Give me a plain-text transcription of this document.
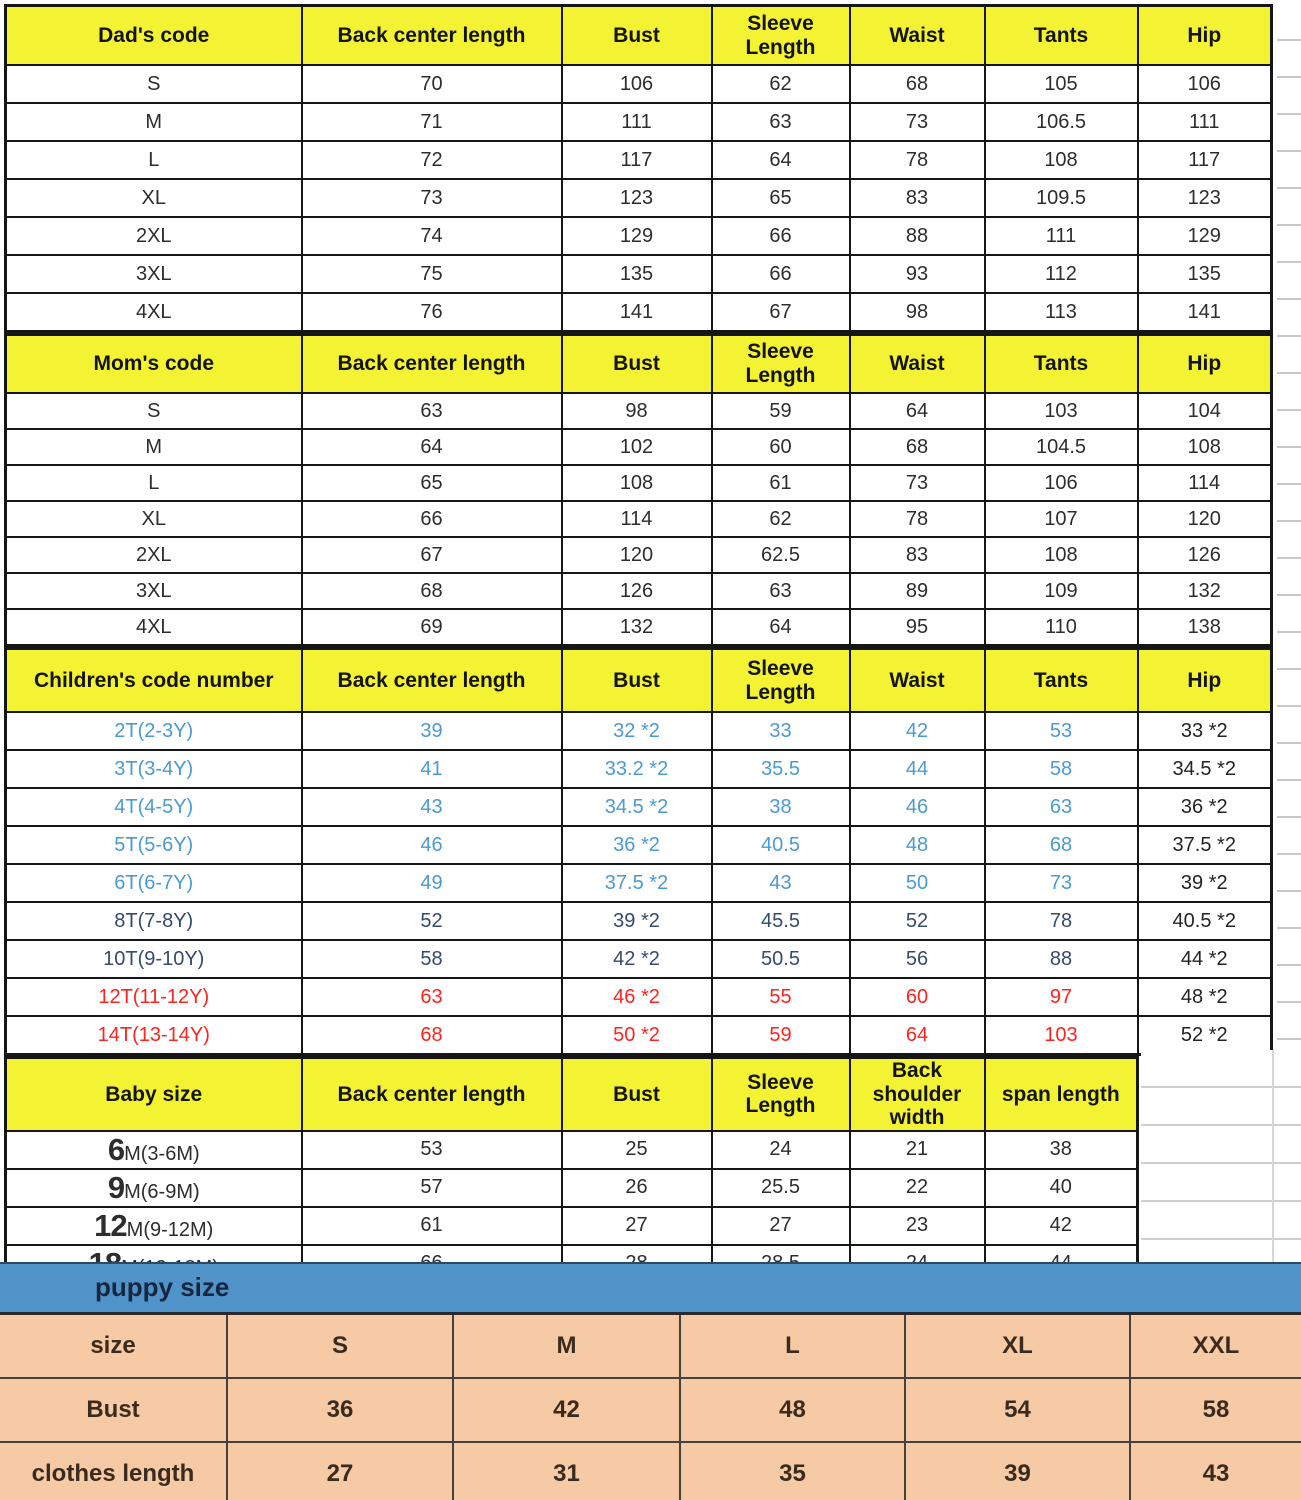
Dad's code	Back center length	Bust	Sleeve Length	Waist	Tants	Hip
S	70	106	62	68	105	106
M	71	111	63	73	106.5	111
L	72	117	64	78	108	117
XL	73	123	65	83	109.5	123
2XL	74	129	66	88	111	129
3XL	75	135	66	93	112	135
4XL	76	141	67	98	113	141
Mom's code	Back center length	Bust	Sleeve Length	Waist	Tants	Hip
S	63	98	59	64	103	104
M	64	102	60	68	104.5	108
L	65	108	61	73	106	114
XL	66	114	62	78	107	120
2XL	67	120	62.5	83	108	126
3XL	68	126	63	89	109	132
4XL	69	132	64	95	110	138
Children's code number	Back center length	Bust	Sleeve Length	Waist	Tants	Hip
2T(2-3Y)	39	32 *2	33	42	53	33 *2
3T(3-4Y)	41	33.2 *2	35.5	44	58	34.5 *2
4T(4-5Y)	43	34.5 *2	38	46	63	36 *2
5T(5-6Y)	46	36 *2	40.5	48	68	37.5 *2
6T(6-7Y)	49	37.5 *2	43	50	73	39 *2
8T(7-8Y)	52	39 *2	45.5	52	78	40.5 *2
10T(9-10Y)	58	42 *2	50.5	56	88	44 *2
12T(11-12Y)	63	46 *2	55	60	97	48 *2
14T(13-14Y)	68	50 *2	59	64	103	52 *2
Baby size	Back center length	Bust	Sleeve Length	Back shoulder width	span length
6M(3-6M)	53	25	24	21	38
9M(6-9M)	57	26	25.5	22	40
12M(9-12M)	61	27	27	23	42

puppy size
size	S	M	L	XL	XXL
Bust	36	42	48	54	58
clothes length	27	31	35	39	43
